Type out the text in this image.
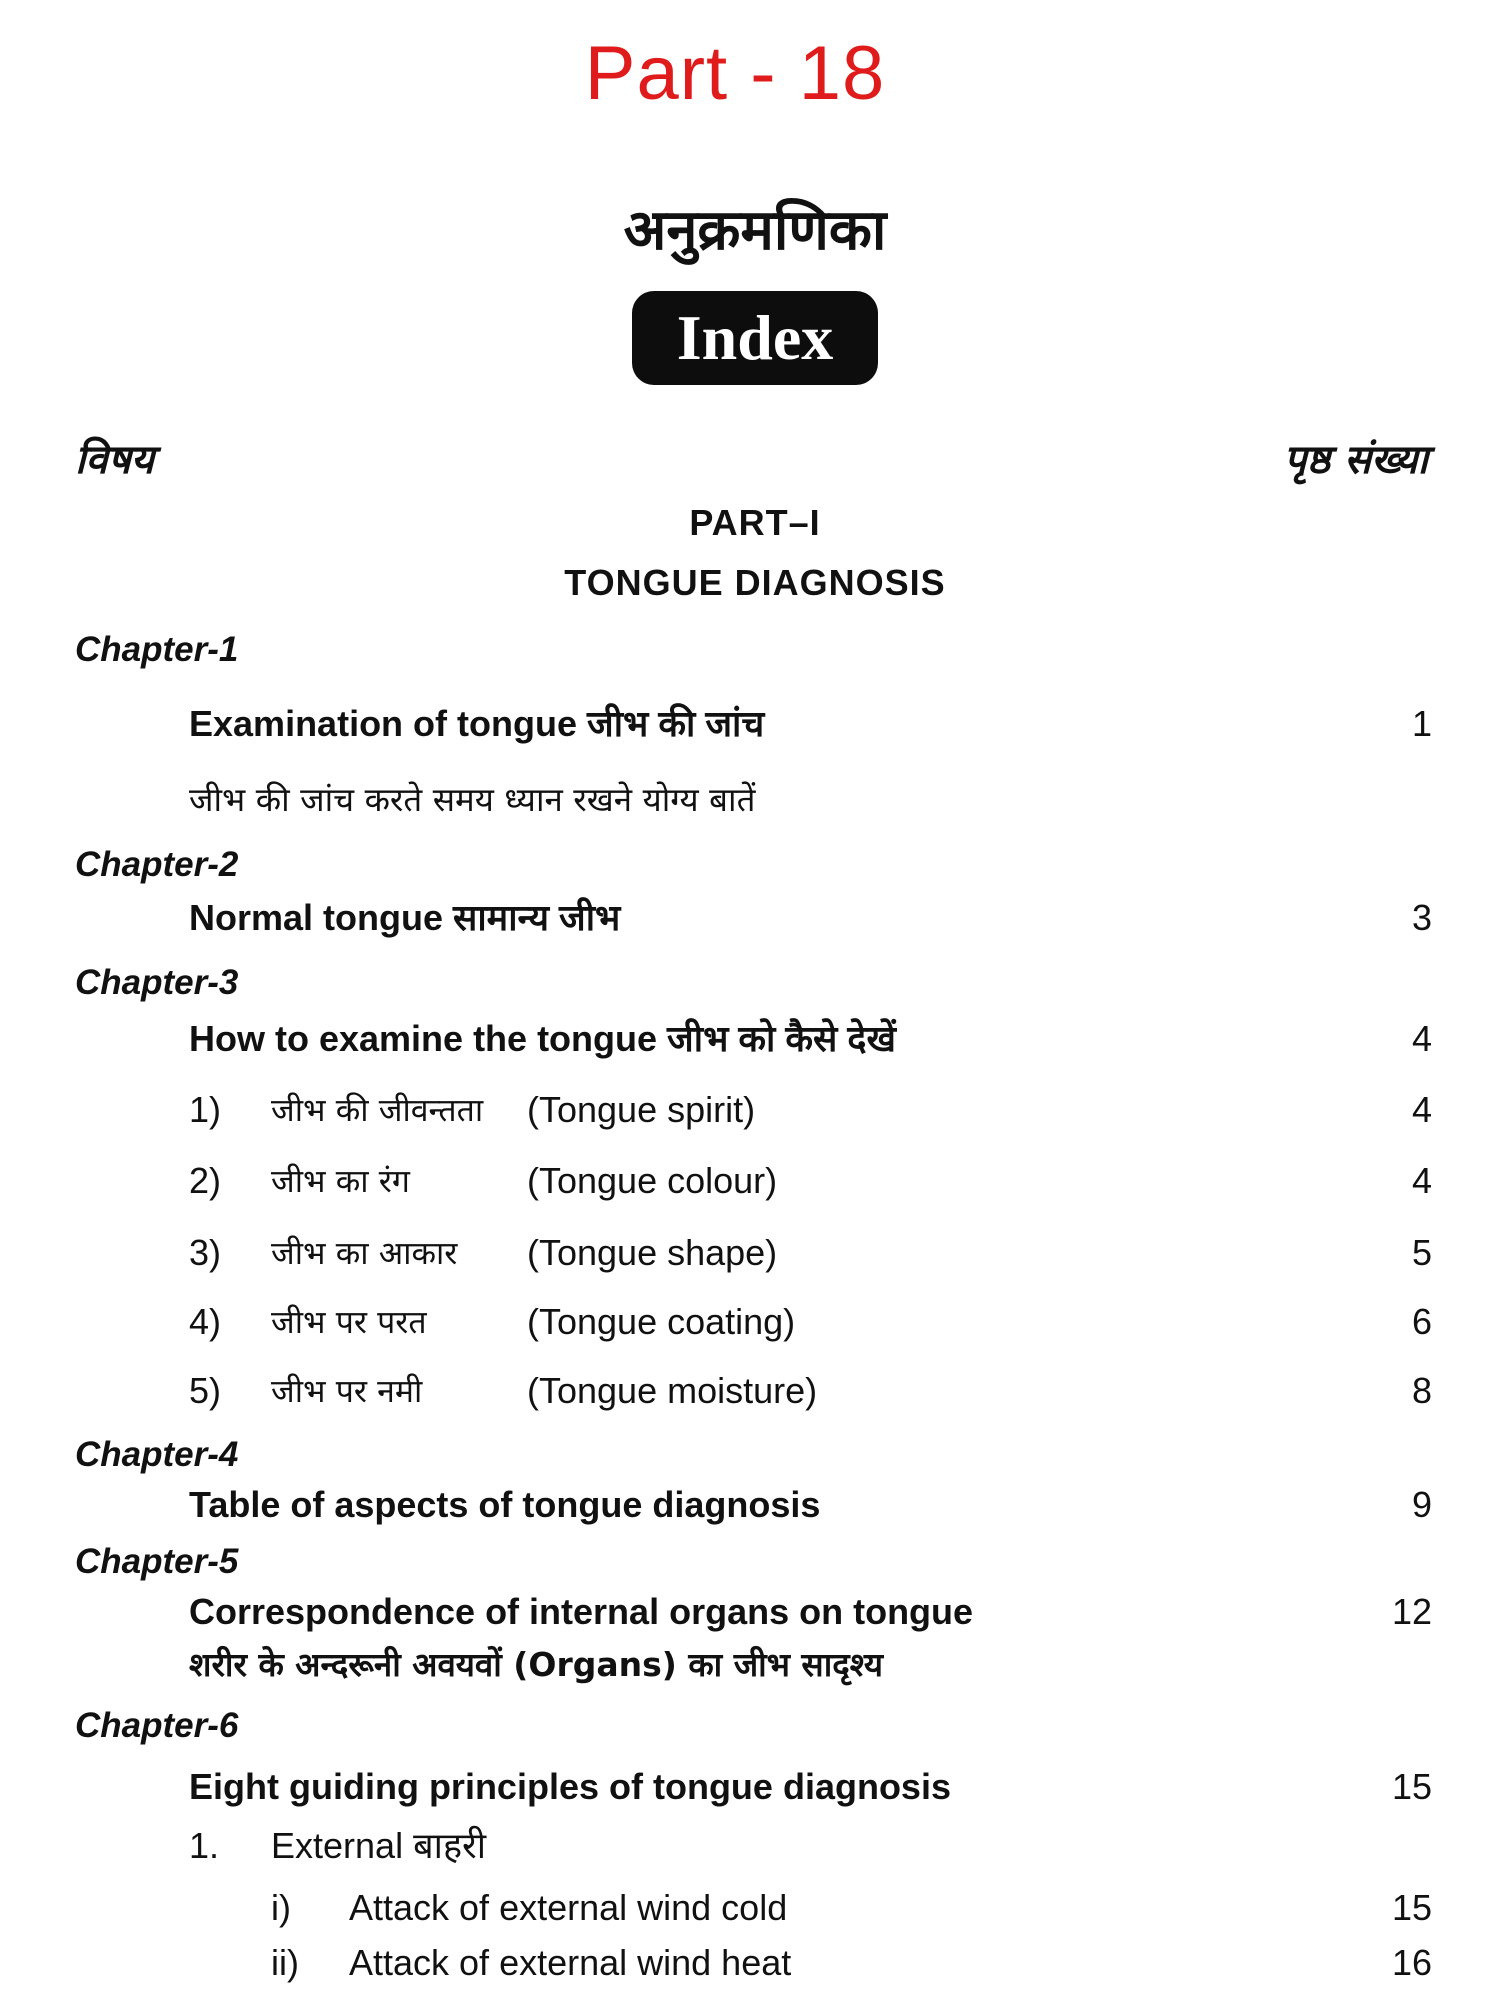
Part - 18
अनुक्रमणिका
Index
विषय	पृष्ठ संख्या
PART–I
TONGUE DIAGNOSIS
Chapter-1
Examination of tongue जीभ की जांच	1
जीभ की जांच करते समय ध्यान रखने योग्य बातें
Chapter-2
Normal tongue सामान्य जीभ	3
Chapter-3
How to examine the tongue जीभ को कैसे देखें	4
1) जीभ की जीवन्तता (Tongue spirit)	4
2) जीभ का रंग	(Tongue colour)	4
3) जीभ का आकार (Tongue shape)	5
4) जीभ पर परत	(Tongue coating)	6
5) जीभ पर नमी	(Tongue moisture)	8
Chapter-4
Table of aspects of tongue diagnosis	9
Chapter-5
Correspondence of internal organs on tongue	12
शरीर के अन्दरूनी अवयवों (Organs) का जीभ सादृश्य
Chapter-6
Eight guiding principles of tongue diagnosis	15
1. External बाहरी
i) Attack of external wind cold	15
ii) Attack of external wind heat	16
